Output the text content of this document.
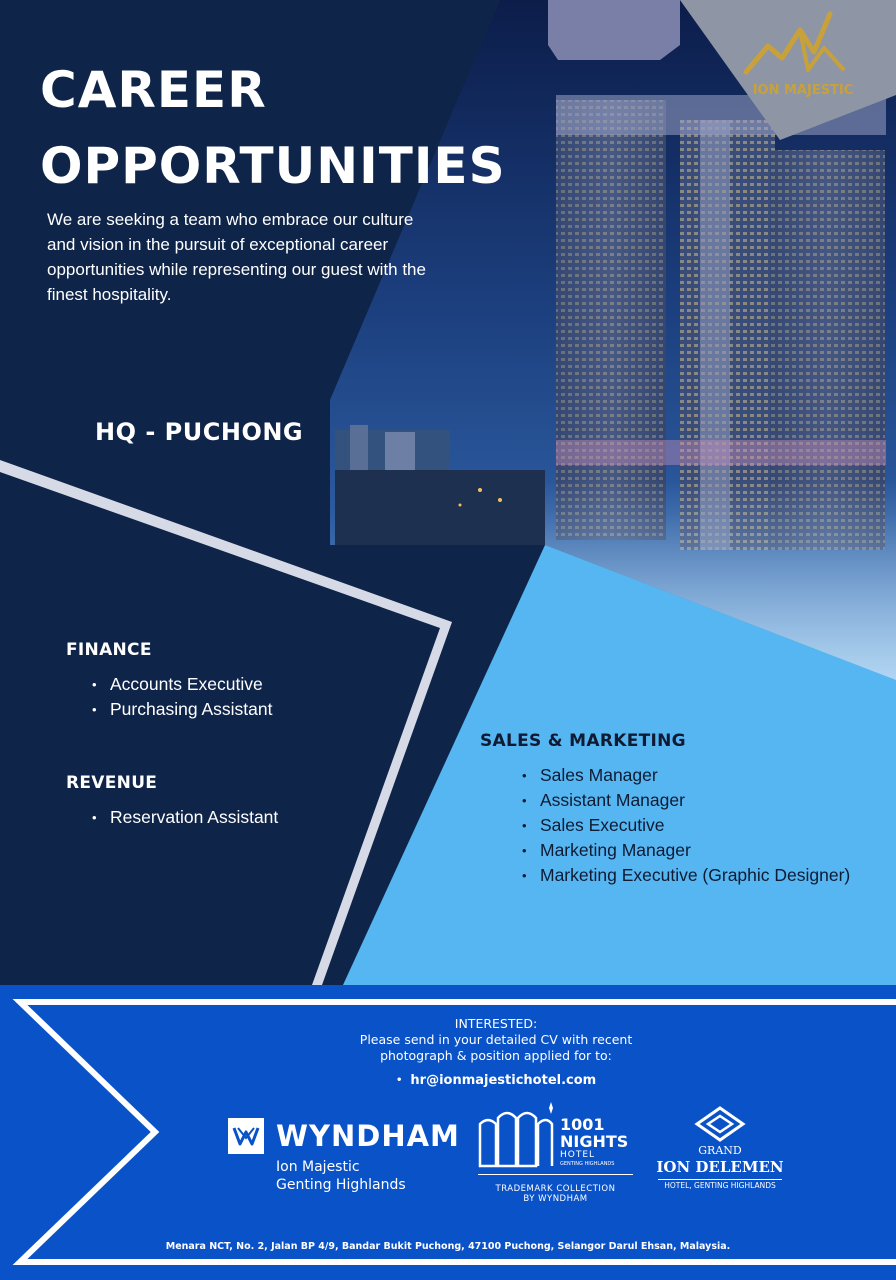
ION MAJESTIC
CAREER
OPPORTUNITIES
We are seeking a team who embrace our culture and vision in the pursuit of exceptional career opportunities while representing our guest with the finest hospitality.
HQ - PUCHONG
FINANCE
• Accounts Executive
• Purchasing Assistant
REVENUE
• Reservation Assistant
SALES & MARKETING
• Sales Manager
• Assistant Manager
• Sales Executive
• Marketing Manager
• Marketing Executive (Graphic Designer)
INTERESTED:
Please send in your detailed CV with recent
photograph & position applied for to:
• hr@ionmajestichotel.com
WYNDHAM
Ion Majestic
Genting Highlands
1001
NIGHTS
HOTEL
GENTING HIGHLANDS
TRADEMARK COLLECTION
BY WYNDHAM
GRAND
ION DELEMEN
HOTEL, GENTING HIGHLANDS
Menara NCT, No. 2, Jalan BP 4/9, Bandar Bukit Puchong, 47100 Puchong, Selangor Darul Ehsan, Malaysia.
